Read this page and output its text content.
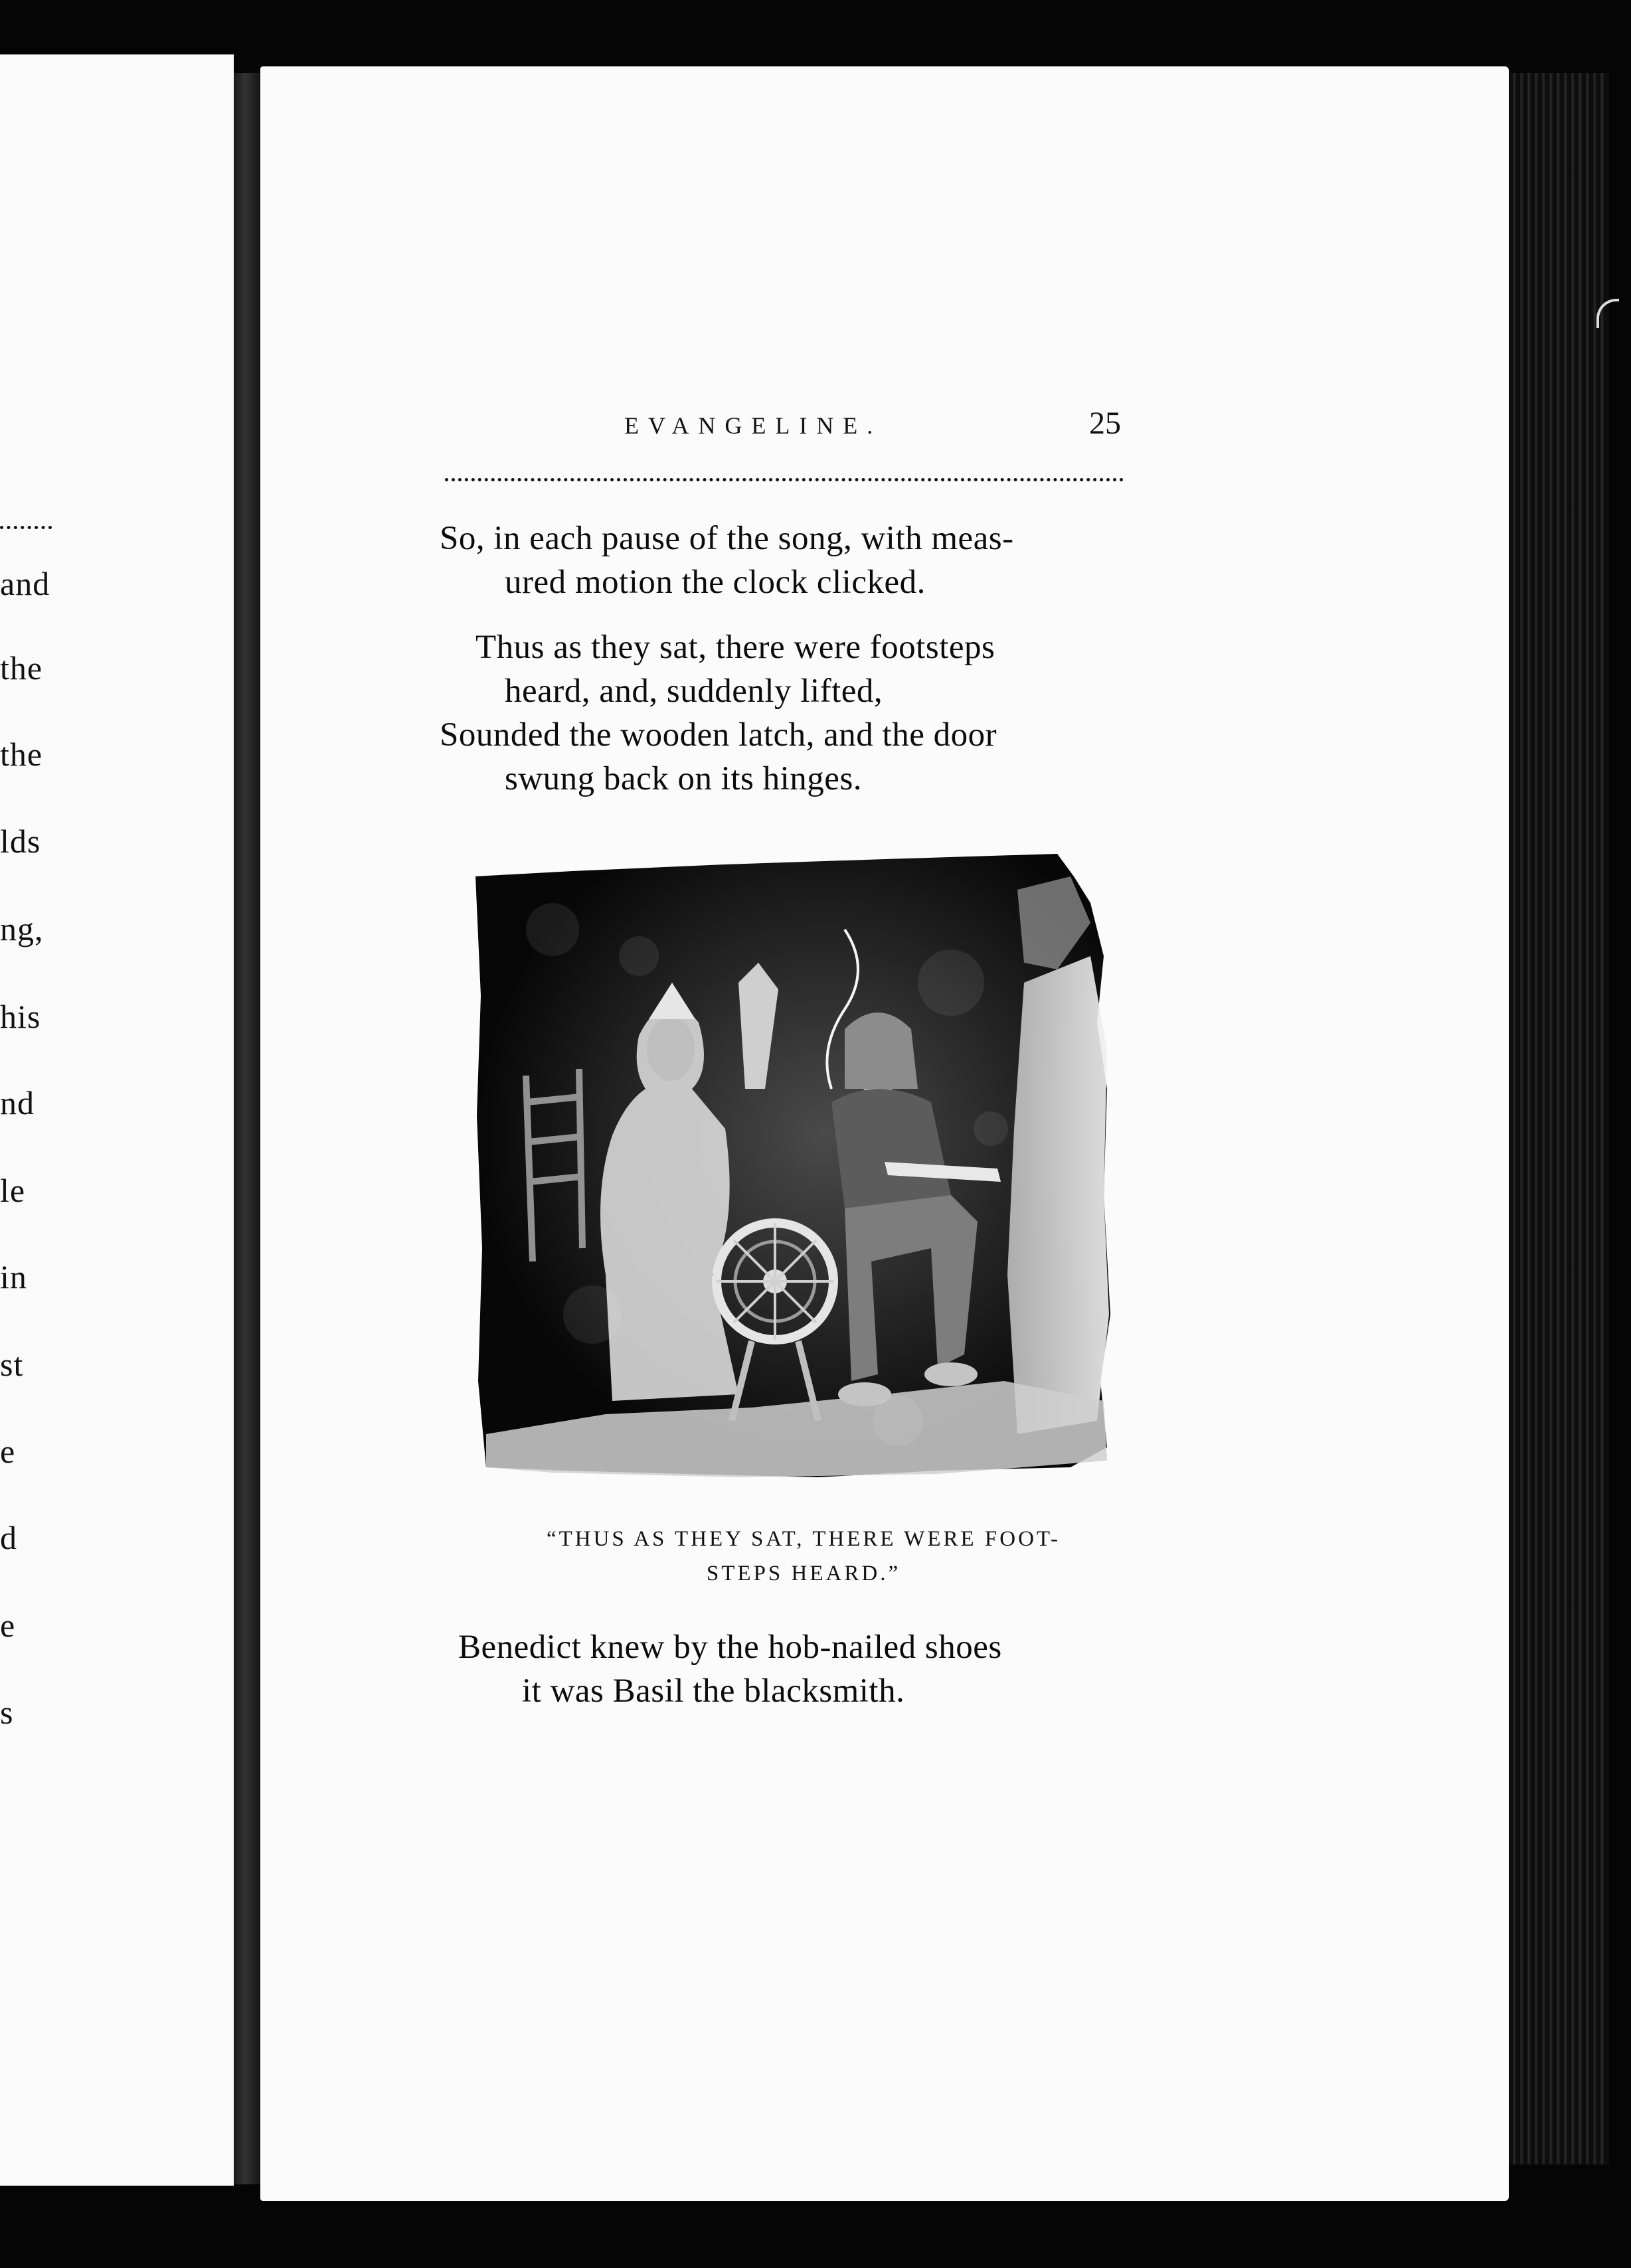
and
the
the
lds
ng,
his
nd
le
in
st
e
d
e
s
EVANGELINE.	25
So, in each pause of the song, with meas-
ured motion the clock clicked.
Thus as they sat, there were footsteps
heard, and, suddenly lifted,
Sounded the wooden latch, and the door
swung back on its hinges.
“THUS AS THEY SAT, THERE WERE FOOT-
STEPS HEARD.”
Benedict knew by the hob-nailed shoes
it was Basil the blacksmith.
